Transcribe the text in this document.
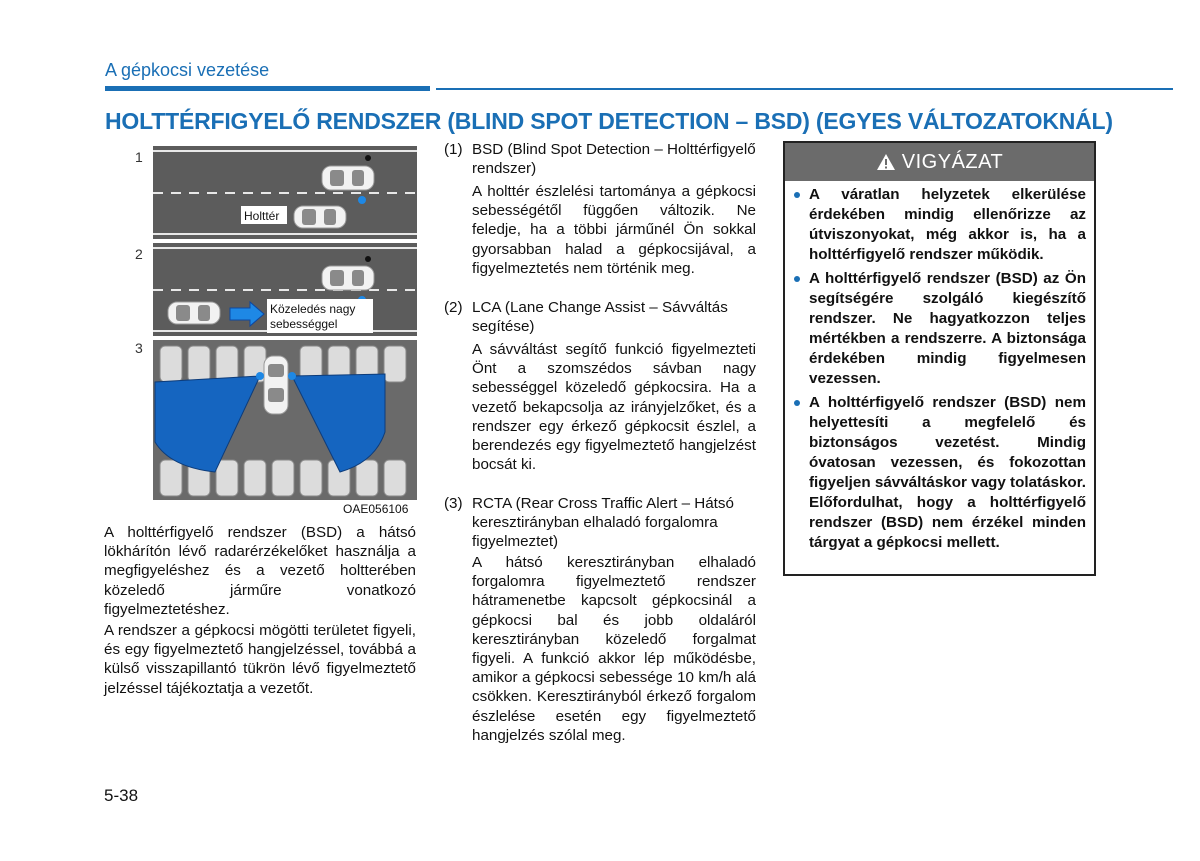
A gépkocsi vezetése
HOLTTÉRFIGYELŐ RENDSZER (BLIND SPOT DETECTION – BSD) (EGYES VÁLTOZATOKNÁL)
1
2
3
Holttér
Közeledés nagy
sebességgel
OAE056106
A holttérfigyelő rendszer (BSD) a hátsó lökhárítón lévő radarérzékelőket használja a megfigyeléshez és a vezető holtterében közeledő járműre vonatkozó figyelmeztetéshez.
A rendszer a gépkocsi mögötti területet figyeli, és egy figyelmeztető hangjelzéssel, továbbá a külső visszapillantó tükrön lévő figyelmeztető jelzéssel tájékoztatja a vezetőt.
(1) BSD (Blind Spot Detection – Holttérfigyelő rendszer)
A holttér észlelési tartománya a gépkocsi sebességétől függően változik. Ne feledje, ha a többi járműnél Ön sokkal gyorsabban halad a gépkocsijával, a figyelmeztetés nem történik meg.
(2) LCA (Lane Change Assist – Sávváltás segítése)
A sávváltást segítő funkció figyelmezteti Önt a szomszédos sávban nagy sebességgel közeledő gépkocsira. Ha a vezető bekapcsolja az irányjelzőket, és a rendszer egy érkező gépkocsit észlel, a berendezés egy figyelmeztető hangjelzést bocsát ki.
(3) RCTA (Rear Cross Traffic Alert – Hátsó keresztirányban elhaladó forgalomra figyelmeztet)
A hátsó keresztirányban elhaladó forgalomra figyelmeztető rendszer hátramenetbe kapcsolt gépkocsinál a gépkocsi bal és jobb oldaláról keresztirányban közeledő forgalmat figyeli. A funkció akkor lép működésbe, amikor a gépkocsi sebessége 10 km/h alá csökken. Keresztirányból érkező forgalom észlelése esetén egy figyelmeztető hangjelzés szólal meg.
VIGYÁZAT
A váratlan helyzetek elkerülése érdekében mindig ellenőrizze az útviszonyokat, még akkor is, ha a holttérfigyelő rendszer működik.
A holttérfigyelő rendszer (BSD) az Ön segítségére szolgáló kiegészítő rendszer. Ne hagyatkozzon teljes mértékben a rendszerre. A biztonsága érdekében mindig figyelmesen vezessen.
A holttérfigyelő rendszer (BSD) nem helyettesíti a megfelelő és biztonságos vezetést. Mindig óvatosan vezessen, és fokozottan figyeljen sávváltáskor vagy tolatáskor. Előfordulhat, hogy a holttérfigyelő rendszer (BSD) nem érzékel minden tárgyat a gépkocsi mellett.
5-38
